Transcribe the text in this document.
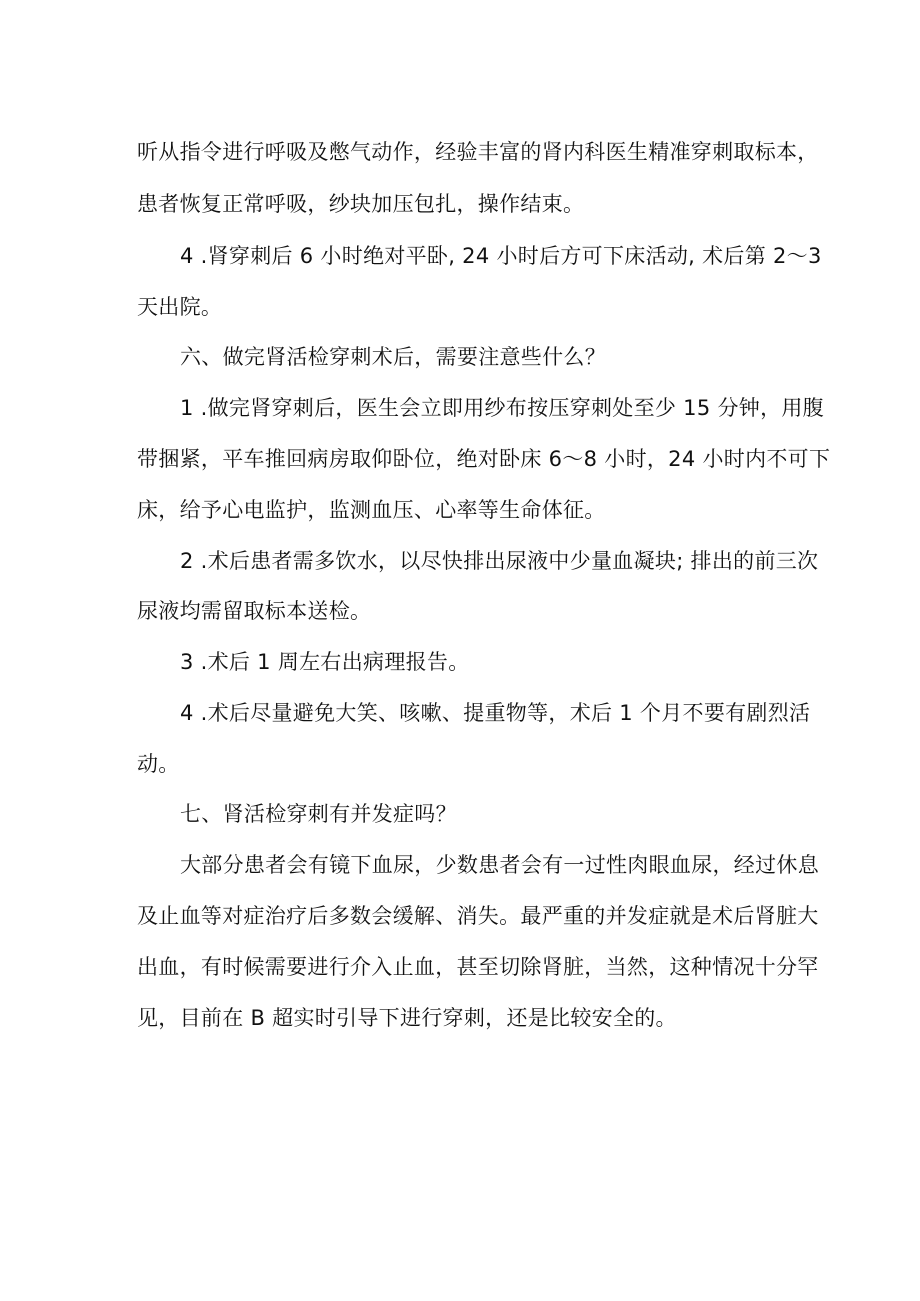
听从指令进行呼吸及憋气动作，经验丰富的肾内科医生精准穿刺取标本，
患者恢复正常呼吸，纱块加压包扎，操作结束。
4 .肾穿刺后 6 小时绝对平卧, 24 小时后方可下床活动, 术后第 2～3
天出院。
六、做完肾活检穿刺术后，需要注意些什么？
1 .做完肾穿刺后，医生会立即用纱布按压穿刺处至少 15 分钟，用腹
带捆紧，平车推回病房取仰卧位，绝对卧床 6～8 小时，24 小时内不可下
床，给予心电监护，监测血压、心率等生命体征。
2 .术后患者需多饮水，以尽快排出尿液中少量血凝块; 排出的前三次
尿液均需留取标本送检。
3 .术后 1 周左右出病理报告。
4 .术后尽量避免大笑、咳嗽、提重物等，术后 1 个月不要有剧烈活
动。
七、肾活检穿刺有并发症吗？
大部分患者会有镜下血尿，少数患者会有一过性肉眼血尿，经过休息
及止血等对症治疗后多数会缓解、消失。最严重的并发症就是术后肾脏大
出血，有时候需要进行介入止血，甚至切除肾脏，当然，这种情况十分罕
见，目前在 B 超实时引导下进行穿刺，还是比较安全的。
